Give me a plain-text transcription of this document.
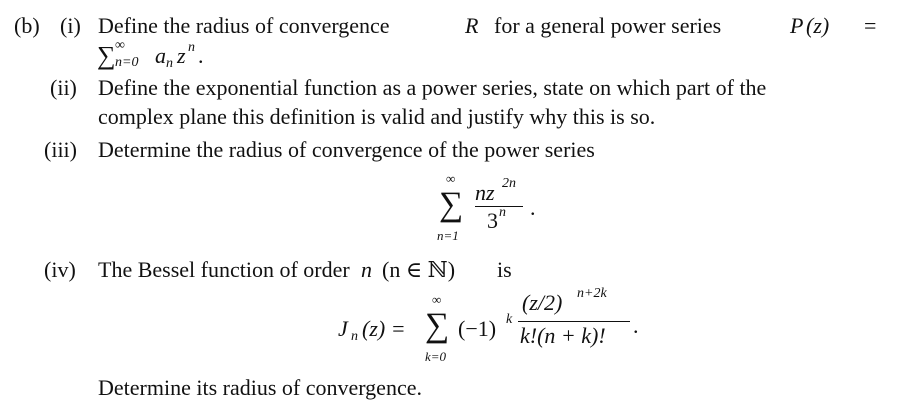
(b) (i) Define the radius of convergence	R for a general power series	P (z) =
∑ ∞
n=0 a n z n .
(ii) Define the exponential function as a power series, state on which part of the
complex plane this definition is valid and justify why this is so.
(iii) Determine the radius of convergence of the power series
∞
∑
n=1
nz 2n
3 n .
(iv) The Bessel function of order n (n ∈ ℕ) is
J n (z) =
∞
∑
k=0
(−1) k
(z/2) n+2k
k!(n + k)! .
Determine its radius of convergence.
